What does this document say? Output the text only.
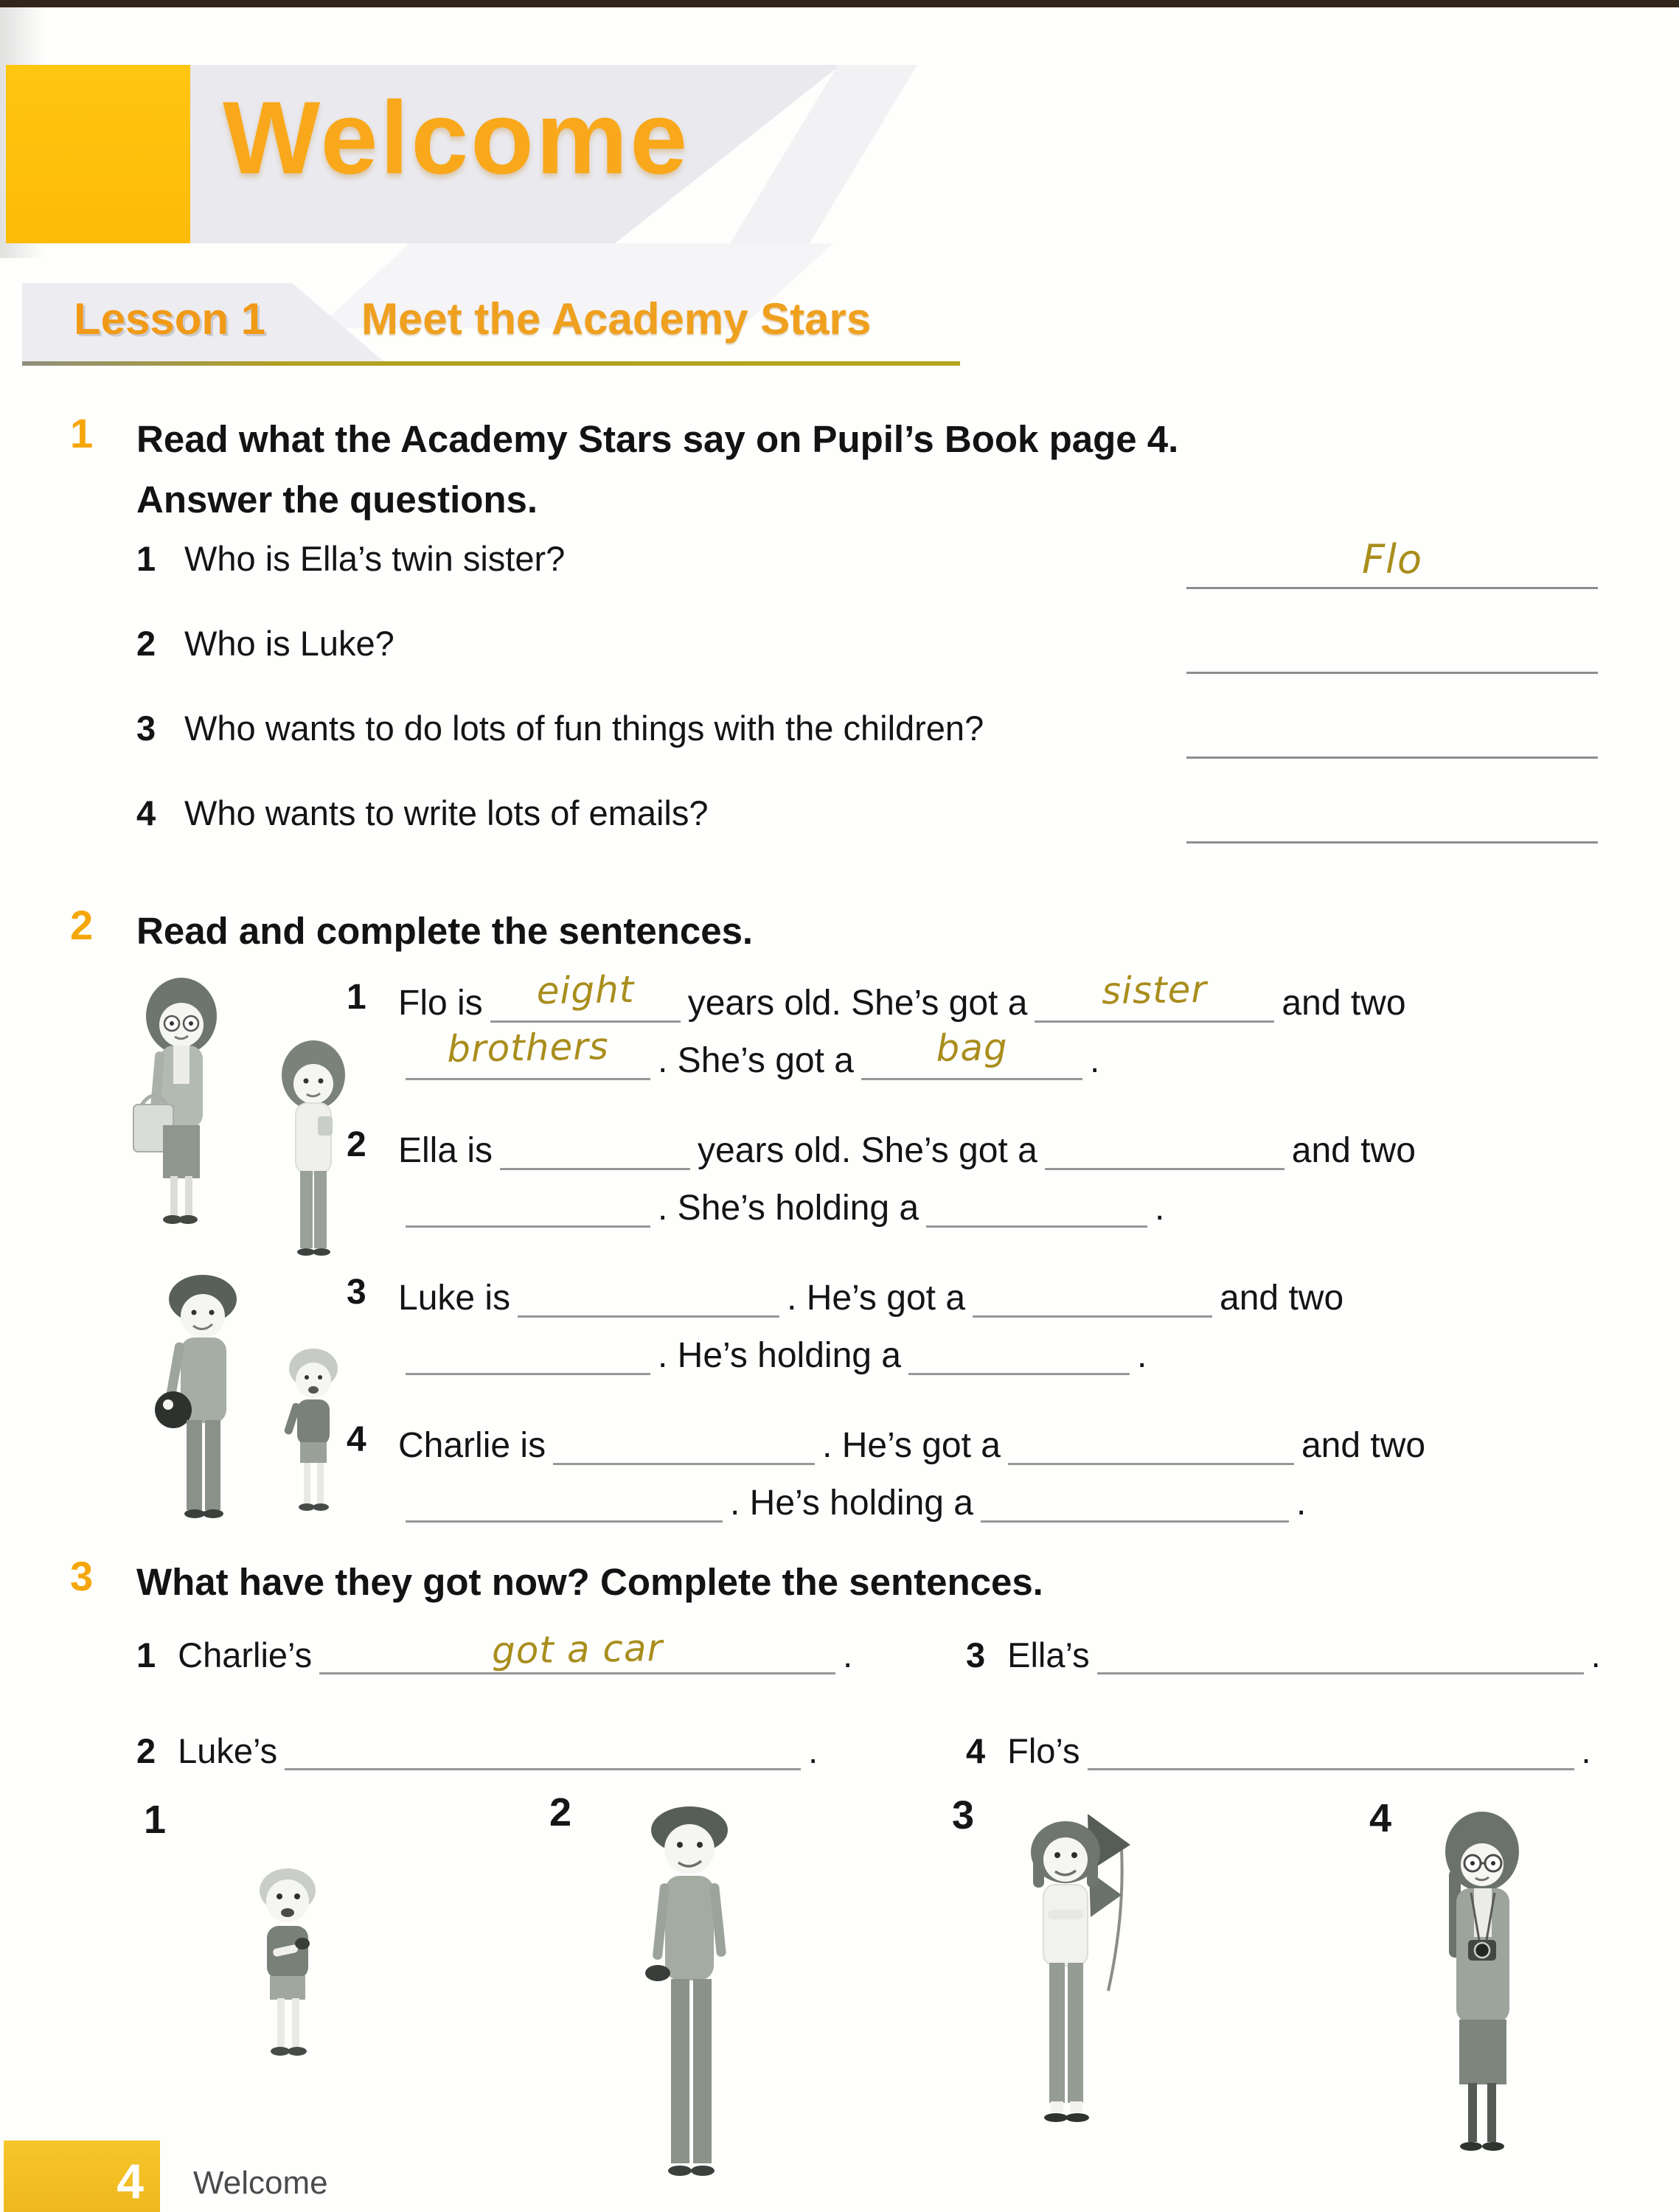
Welcome
Lesson 1 Meet the Academy Stars
1 Read what the Academy Stars say on Pupil’s Book page 4.
Answer the questions.
1 Who is Ella’s twin sister?	Flo
2 Who is Luke?
3 Who wants to do lots of fun things with the children?
4 Who wants to write lots of emails?
2 Read and complete the sentences.
1 Flo is	eight	years old. She’s got a	sister	and two
brothers	. She’s got a	bag	.
2 Ella is	years old. She’s got a	and two
. She’s holding a	.
3 Luke is	. He’s got a	and two
. He’s holding a	.
4 Charlie is	. He’s got a	and two
. He’s holding a	.
3 What have they got now? Complete the sentences.
1 Charlie’s	got a car	.
2 Luke’s	.
3 Ella’s	.
4 Flo’s	.
1	2	3	4
4 Welcome
